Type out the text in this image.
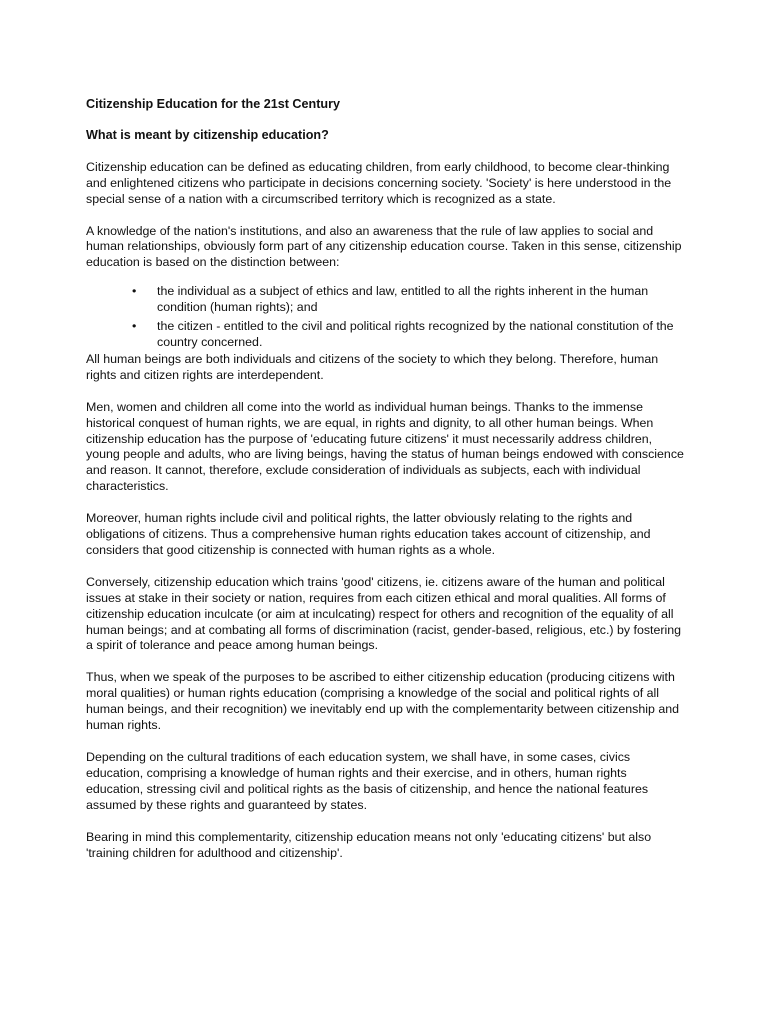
Citizenship Education for the 21st Century
What is meant by citizenship education?

Citizenship education can be defined as educating children, from early childhood, to become clear-thinking and enlightened citizens who participate in decisions concerning society. 'Society' is here understood in the special sense of a nation with a circumscribed territory which is recognized as a state.

A knowledge of the nation's institutions, and also an awareness that the rule of law applies to social and human relationships, obviously form part of any citizenship education course. Taken in this sense, citizenship education is based on the distinction between:

• the individual as a subject of ethics and law, entitled to all the rights inherent in the human condition (human rights); and
• the citizen - entitled to the civil and political rights recognized by the national constitution of the country concerned.

All human beings are both individuals and citizens of the society to which they belong. Therefore, human rights and citizen rights are interdependent.

Men, women and children all come into the world as individual human beings. Thanks to the immense historical conquest of human rights, we are equal, in rights and dignity, to all other human beings. When citizenship education has the purpose of 'educating future citizens' it must necessarily address children, young people and adults, who are living beings, having the status of human beings endowed with conscience and reason. It cannot, therefore, exclude consideration of individuals as subjects, each with individual characteristics.

Moreover, human rights include civil and political rights, the latter obviously relating to the rights and obligations of citizens. Thus a comprehensive human rights education takes account of citizenship, and considers that good citizenship is connected with human rights as a whole.

Conversely, citizenship education which trains 'good' citizens, ie. citizens aware of the human and political issues at stake in their society or nation, requires from each citizen ethical and moral qualities. All forms of citizenship education inculcate (or aim at inculcating) respect for others and recognition of the equality of all human beings; and at combating all forms of discrimination (racist, gender-based, religious, etc.) by fostering a spirit of tolerance and peace among human beings.

Thus, when we speak of the purposes to be ascribed to either citizenship education (producing citizens with moral qualities) or human rights education (comprising a knowledge of the social and political rights of all human beings, and their recognition) we inevitably end up with the complementarity between citizenship and human rights.

Depending on the cultural traditions of each education system, we shall have, in some cases, civics education, comprising a knowledge of human rights and their exercise, and in others, human rights education, stressing civil and political rights as the basis of citizenship, and hence the national features assumed by these rights and guaranteed by states.

Bearing in mind this complementarity, citizenship education means not only 'educating citizens' but also 'training children for adulthood and citizenship'.
